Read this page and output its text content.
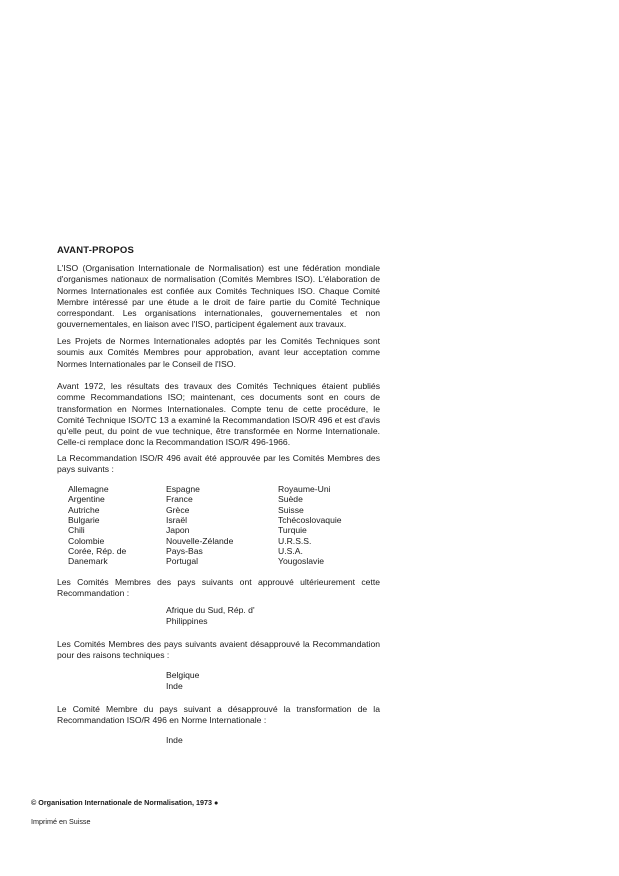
AVANT-PROPOS
L'ISO (Organisation Internationale de Normalisation) est une fédération mondiale d'organismes nationaux de normalisation (Comités Membres ISO). L'élaboration de Normes Internationales est confiée aux Comités Techniques ISO. Chaque Comité Membre intéressé par une étude a le droit de faire partie du Comité Technique correspondant. Les organisations internationales, gouvernementales et non gouvernementales, en liaison avec l'ISO, participent également aux travaux.
Les Projets de Normes Internationales adoptés par les Comités Techniques sont soumis aux Comités Membres pour approbation, avant leur acceptation comme Normes Internationales par le Conseil de l'ISO.
Avant 1972, les résultats des travaux des Comités Techniques étaient publiés comme Recommandations ISO; maintenant, ces documents sont en cours de transformation en Normes Internationales. Compte tenu de cette procédure, le Comité Technique ISO/TC 13 a examiné la Recommandation ISO/R 496 et est d'avis qu'elle peut, du point de vue technique, être transformée en Norme Internationale. Celle-ci remplace donc la Recommandation ISO/R 496-1966.
La Recommandation ISO/R 496 avait été approuvée par les Comités Membres des pays suivants :
Allemagne
Argentine
Autriche
Bulgarie
Chili
Colombie
Corée, Rép. de
Danemark
Espagne
France
Grèce
Israël
Japon
Nouvelle-Zélande
Pays-Bas
Portugal
Royaume-Uni
Suède
Suisse
Tchécoslovaquie
Turquie
U.R.S.S.
U.S.A.
Yougoslavie
Les Comités Membres des pays suivants ont approuvé ultérieurement cette Recommandation :
Afrique du Sud, Rép. d'
Philippines
Les Comités Membres des pays suivants avaient désapprouvé la Recommandation pour des raisons techniques :
Belgique
Inde
Le Comité Membre du pays suivant a désapprouvé la transformation de la Recommandation ISO/R 496 en Norme Internationale :
Inde
© Organisation Internationale de Normalisation, 1973 ●
Imprimé en Suisse
